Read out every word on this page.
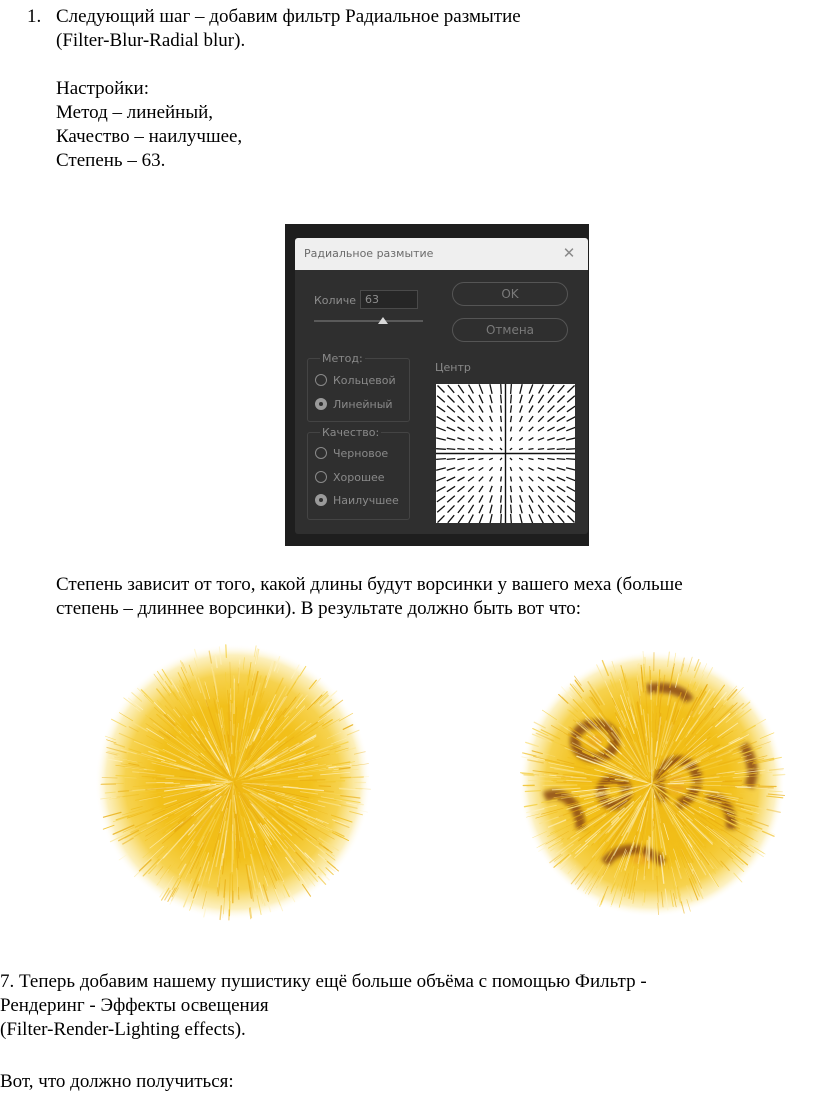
1. Следующий шаг – добавим фильтр Радиальное размытие
(Filter-Blur-Radial blur).
Настройки:
Метод – линейный,
Качество – наилучшее,
Степень – 63.
Радиальное размытие	✕
Количе
63	OK
Отмена
Метод:
Кольцевой
Линейный
Качество:
Черновое
Хорошее
Наилучшее
Центр
Степень зависит от того, какой длины будут ворсинки у вашего меха (больше
степень – длиннее ворсинки). В результате должно быть вот что:
7. Теперь добавим нашему пушистику ещё больше объёма с помощью Фильтр -
Рендеринг - Эффекты освещения
(Filter-Render-Lighting effects).
Вот, что должно получиться:
